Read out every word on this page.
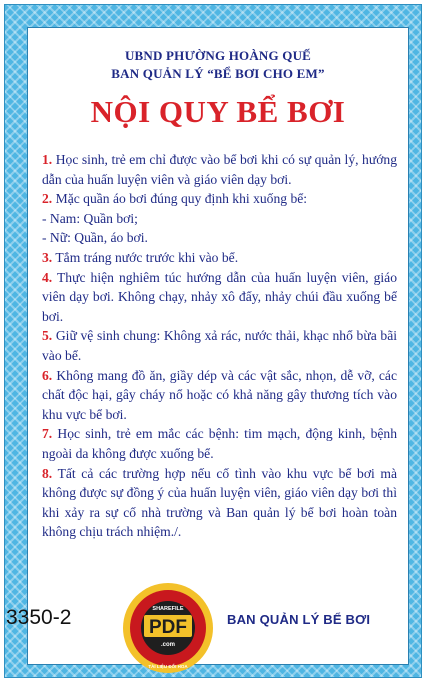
UBND PHƯỜNG HOÀNG QUẾ
BAN QUẢN LÝ “BỂ BƠI CHO EM”
NỘI QUY BỂ BƠI

1. Học sinh, trẻ em chỉ được vào bể bơi khi có sự quản lý, hướng dẫn của huấn luyện viên và giáo viên dạy bơi.

2. Mặc quần áo bơi đúng quy định khi xuống bể:

- Nam: Quần bơi;

- Nữ: Quần, áo bơi.

3. Tắm tráng nước trước khi vào bể.

4. Thực hiện nghiêm túc hướng dẫn của huấn luyện viên, giáo viên dạy bơi. Không chạy, nhảy xô đẩy, nhảy chúi đầu xuống bể bơi.

5. Giữ vệ sinh chung: Không xả rác, nước thải, khạc nhổ bừa bãi vào bể.

6. Không mang đồ ăn, giầy dép và các vật sắc, nhọn, dễ vỡ, các chất độc hại, gây cháy nổ hoặc có khả năng gây thương tích vào khu vực bể bơi.

7. Học sinh, trẻ em mắc các bệnh: tim mạch, động kinh, bệnh ngoài da không được xuống bể.

8. Tất cả các trường hợp nếu cố tình vào khu vực bể bơi mà không được sự đồng ý của huấn luyện viên, giáo viên dạy bơi thì khi xảy ra sự cố nhà trường và Ban quản lý bể bơi hoàn toàn không chịu trách nhiệm./.

3350-2	SHAREFILE
PDF
.com
TÀI LIỆU ĐỔI HOA
BAN QUẢN LÝ BỂ BƠI
